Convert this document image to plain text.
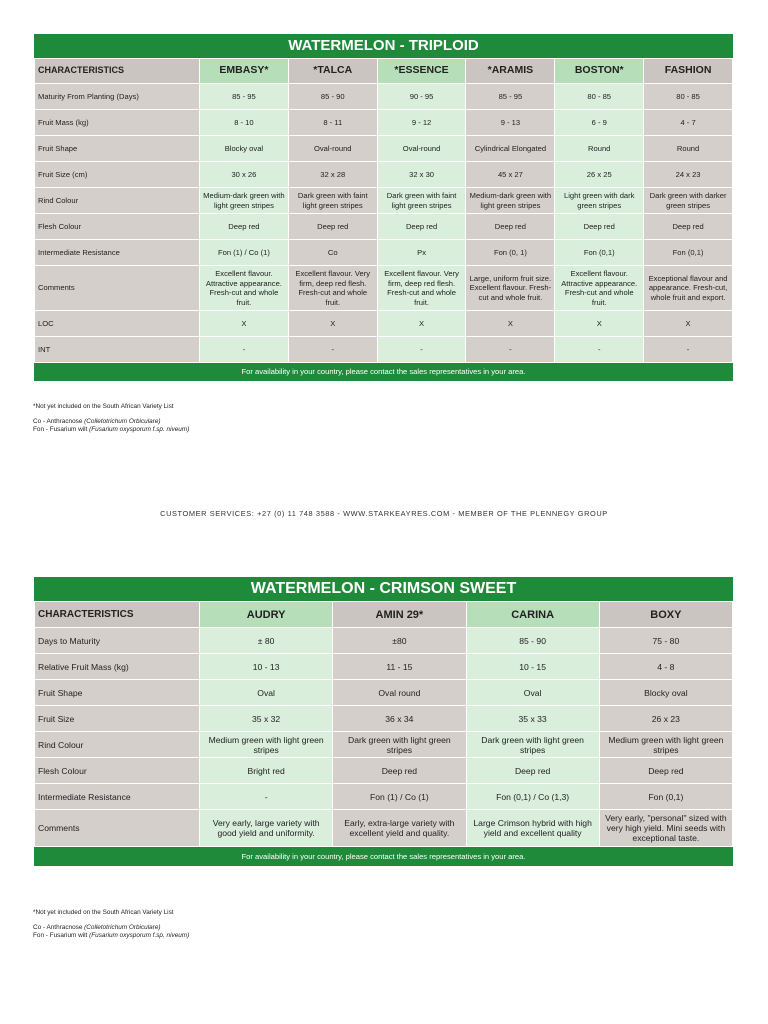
WATERMELON - TRIPLOID
CHARACTERISTICS	EMBASY*	*TALCA	*ESSENCE	*ARAMIS	BOSTON*	FASHION
Maturity From Planting (Days)	85 - 95	85 - 90	90 - 95	85 - 95	80 - 85	80 - 85
Fruit Mass (kg)	8 - 10	8 - 11	9 - 12	9 - 13	6 - 9	4 - 7
Fruit Shape	Blocky oval	Oval-round	Oval-round	Cylindrical Elongated	Round	Round
Fruit Size (cm)	30 x 26	32 x 28	32 x 30	45 x 27	26 x 25	24 x 23
Rind Colour	Medium-dark green with light green stripes	Dark green with faint light green stripes	Dark green with faint light green stripes	Medium-dark green with light green stripes	Light green with dark green stripes	Dark green with darker green stripes
Flesh Colour	Deep red	Deep red	Deep red	Deep red	Deep red	Deep red
Intermediate Resistance	Fon (1) / Co (1)	Co	Px	Fon (0, 1)	Fon (0,1)	Fon (0,1)
Comments	Excellent flavour. Attractive appearance. Fresh-cut and whole fruit.	Excellent flavour. Very firm, deep red flesh. Fresh-cut and whole fruit.	Excellent flavour. Very firm, deep red flesh. Fresh-cut and whole fruit.	Large, uniform fruit size. Excellent flavour. Fresh-cut and whole fruit.	Excellent flavour. Attractive appearance. Fresh-cut and whole fruit.	Exceptional flavour and appearance. Fresh-cut, whole fruit and export.
LOC	X	X	X	X	X	X
INT	-	-	-	-	-	-
For availability in your country, please contact the sales representatives in your area.

*Not yet included on the South African Variety List

Co - Anthracnose (Colletotrichum Orbiculare)

Fon - Fusarium wilt (Fusarium oxysporum f.sp. niveum)

CUSTOMER SERVICES: +27 (0) 11 748 3588 - WWW.STARKEAYRES.COM - MEMBER OF THE PLENNEGY GROUP
WATERMELON - CRIMSON SWEET
CHARACTERISTICS	AUDRY	AMIN 29*	CARINA	BOXY
Days to Maturity	± 80	±80	85 - 90	75 - 80
Relative Fruit Mass (kg)	10 - 13	11 - 15	10 - 15	4 - 8
Fruit Shape	Oval	Oval round	Oval	Blocky oval
Fruit Size	35 x 32	36 x 34	35 x 33	26 x 23
Rind Colour	Medium green with light green stripes	Dark green with light green stripes	Dark green with light green stripes	Medium green with light green stripes
Flesh Colour	Bright red	Deep red	Deep red	Deep red
Intermediate Resistance	-	Fon (1) / Co (1)	Fon (0,1) / Co (1,3)	Fon (0,1)
Comments	Very early, large variety with good yield and uniformity.	Early, extra-large variety with excellent yield and quality.	Large Crimson hybrid with high yield and excellent quality	Very early, "personal" sized with very high yield. Mini seeds with exceptional taste.
For availability in your country, please contact the sales representatives in your area.

*Not yet included on the South African Variety List

Co - Anthracnose (Colletotrichum Orbiculare)

Fon - Fusarium wilt (Fusarium oxysporum f.sp. niveum)
